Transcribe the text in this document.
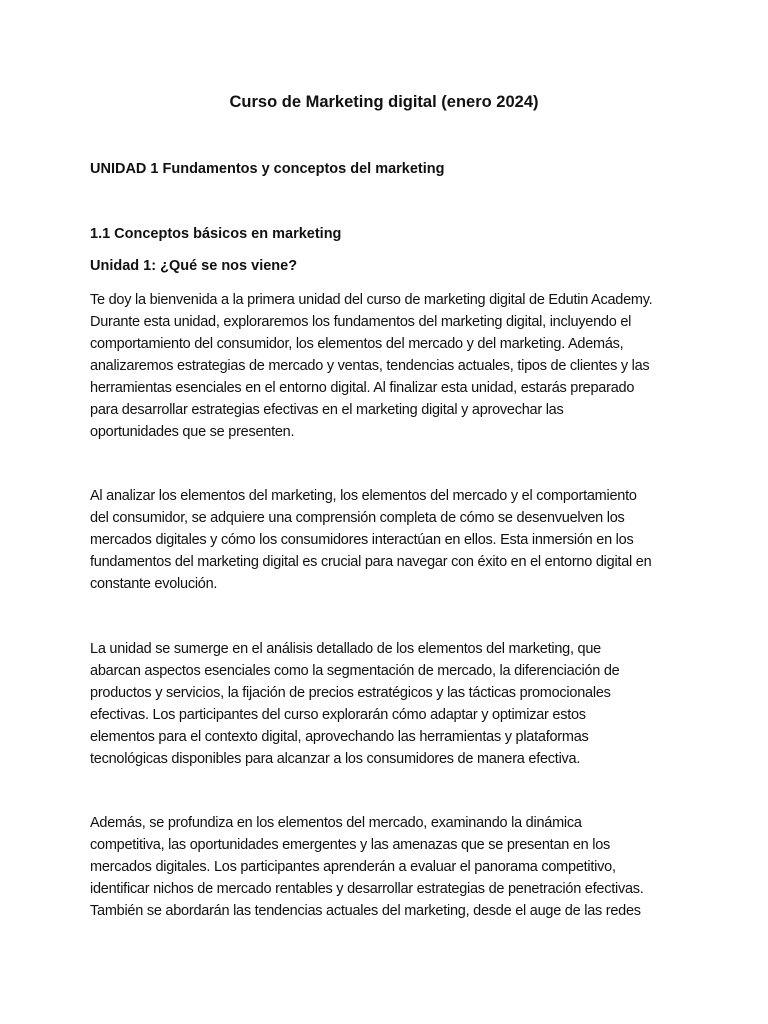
Curso de Marketing digital (enero 2024)
UNIDAD 1 Fundamentos y conceptos del marketing
1.1 Conceptos básicos en marketing
Unidad 1: ¿Qué se nos viene?

Te doy la bienvenida a la primera unidad del curso de marketing digital de Edutin Academy.
Durante esta unidad, exploraremos los fundamentos del marketing digital, incluyendo el
comportamiento del consumidor, los elementos del mercado y del marketing. Además,
analizaremos estrategias de mercado y ventas, tendencias actuales, tipos de clientes y las
herramientas esenciales en el entorno digital. Al finalizar esta unidad, estarás preparado
para desarrollar estrategias efectivas en el marketing digital y aprovechar las
oportunidades que se presenten.

Al analizar los elementos del marketing, los elementos del mercado y el comportamiento
del consumidor, se adquiere una comprensión completa de cómo se desenvuelven los
mercados digitales y cómo los consumidores interactúan en ellos. Esta inmersión en los
fundamentos del marketing digital es crucial para navegar con éxito en el entorno digital en
constante evolución.

La unidad se sumerge en el análisis detallado de los elementos del marketing, que
abarcan aspectos esenciales como la segmentación de mercado, la diferenciación de
productos y servicios, la fijación de precios estratégicos y las tácticas promocionales
efectivas. Los participantes del curso explorarán cómo adaptar y optimizar estos
elementos para el contexto digital, aprovechando las herramientas y plataformas
tecnológicas disponibles para alcanzar a los consumidores de manera efectiva.

Además, se profundiza en los elementos del mercado, examinando la dinámica
competitiva, las oportunidades emergentes y las amenazas que se presentan en los
mercados digitales. Los participantes aprenderán a evaluar el panorama competitivo,
identificar nichos de mercado rentables y desarrollar estrategias de penetración efectivas.
También se abordarán las tendencias actuales del marketing, desde el auge de las redes
